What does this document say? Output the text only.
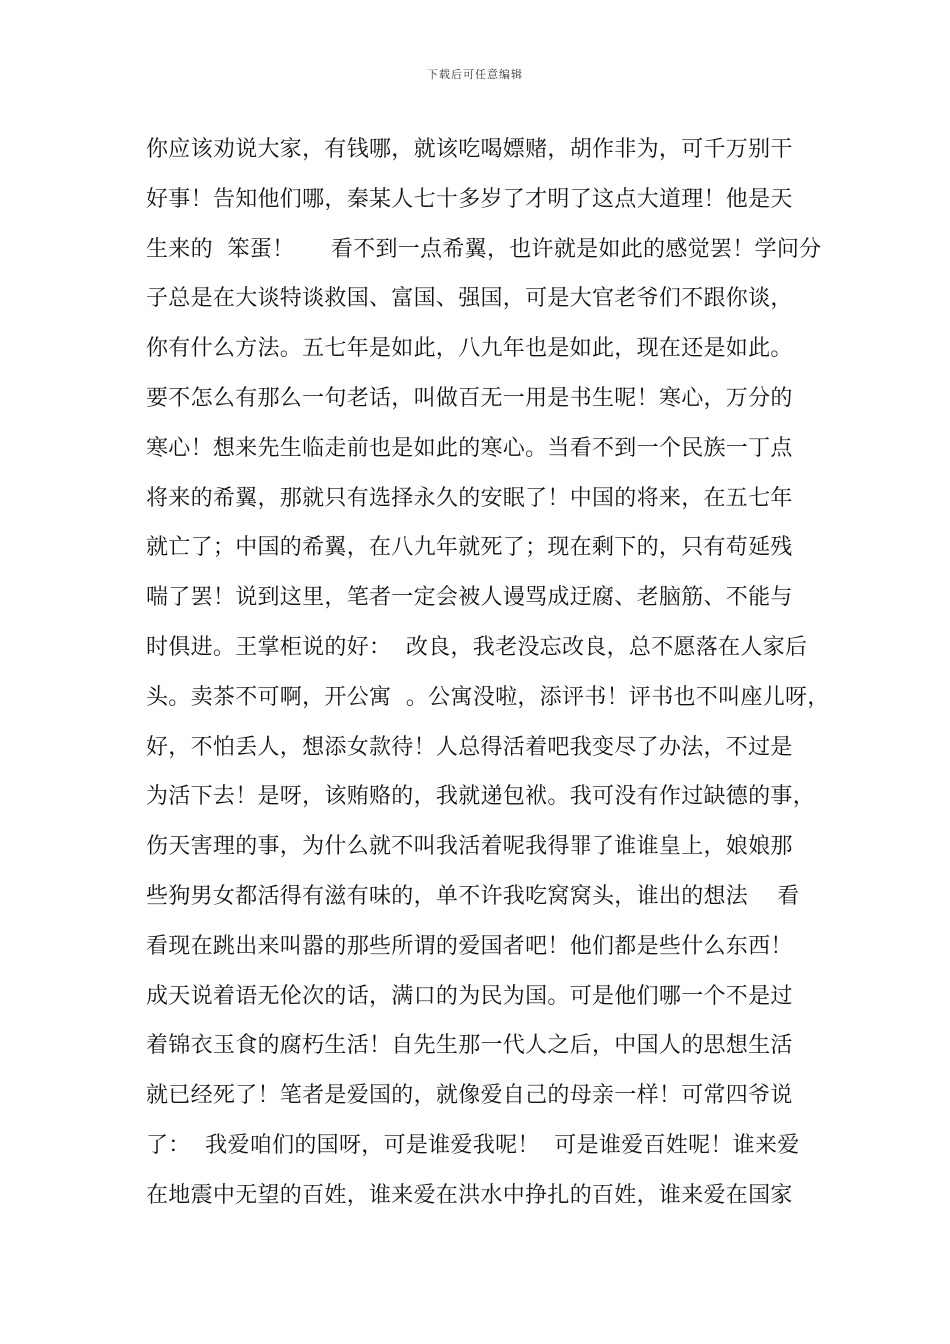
下载后可任意编辑
你应该劝说大家，有钱哪，就该吃喝嫖赌，胡作非为，可千万别干
好事！告知他们哪，秦某人七十多岁了才明了这点大道理！他是天
生来的  笨蛋！     看不到一点希翼，也许就是如此的感觉罢！学问分
子总是在大谈特谈救国、富国、强国，可是大官老爷们不跟你谈，
你有什么方法。五七年是如此，八九年也是如此，现在还是如此。
要不怎么有那么一句老话，叫做百无一用是书生呢！寒心，万分的
寒心！想来先生临走前也是如此的寒心。当看不到一个民族一丁点
将来的希翼，那就只有选择永久的安眠了！中国的将来，在五七年
就亡了；中国的希翼，在八九年就死了；现在剩下的，只有苟延残
喘了罢！说到这里，笔者一定会被人谩骂成迂腐、老脑筋、不能与
时俱进。王掌柜说的好：  改良，我老没忘改良，总不愿落在人家后
头。卖茶不可啊，开公寓  。公寓没啦，添评书！评书也不叫座儿呀，
好，不怕丢人，想添女款待！人总得活着吧我变尽了办法，不过是
为活下去！是呀，该贿赂的，我就递包袱。我可没有作过缺德的事，
伤天害理的事，为什么就不叫我活着呢我得罪了谁谁皇上，娘娘那
些狗男女都活得有滋有味的，单不许我吃窝窝头，谁出的想法    看
看现在跳出来叫嚣的那些所谓的爱国者吧！他们都是些什么东西！
成天说着语无伦次的话，满口的为民为国。可是他们哪一个不是过
着锦衣玉食的腐朽生活！自先生那一代人之后，中国人的思想生活
就已经死了！笔者是爱国的，就像爱自己的母亲一样！可常四爷说
了：  我爱咱们的国呀，可是谁爱我呢！  可是谁爱百姓呢！谁来爱
在地震中无望的百姓，谁来爱在洪水中挣扎的百姓，谁来爱在国家
